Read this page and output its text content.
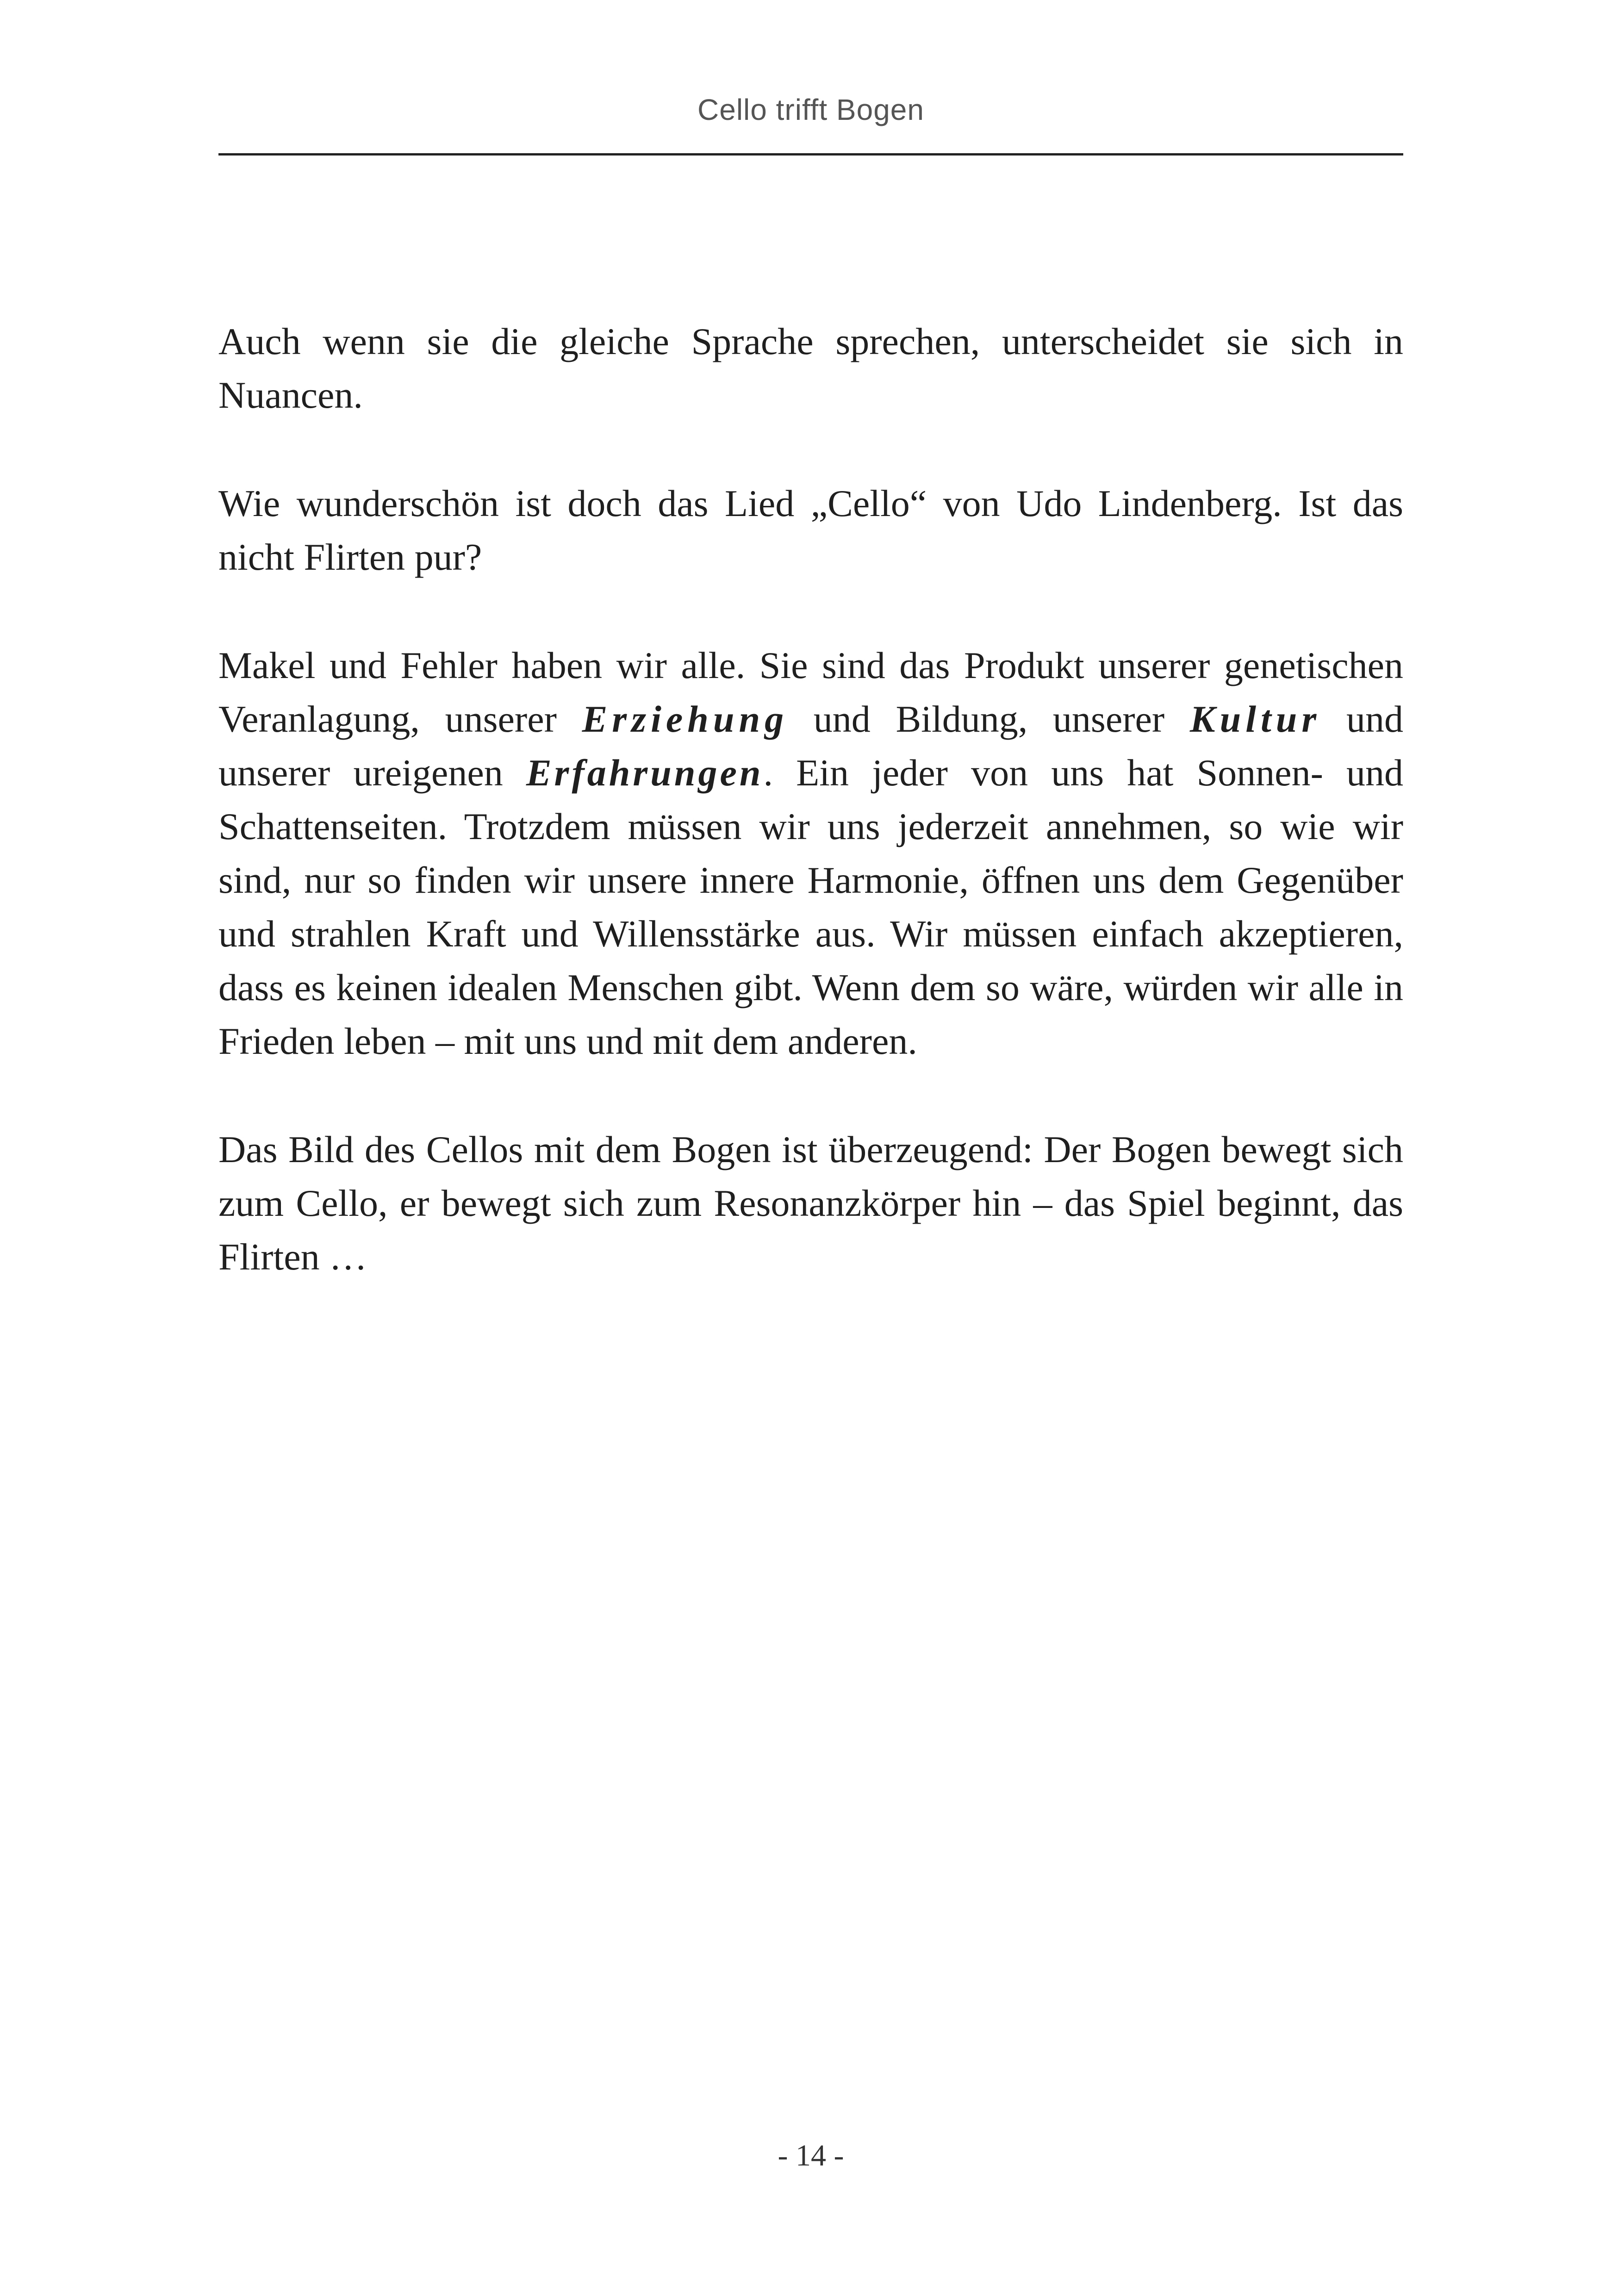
Cello trifft Bogen

Auch wenn sie die gleiche Sprache sprechen, unterscheidet sie sich in Nuancen.

Wie wunderschön ist doch das Lied „Cello“ von Udo Lindenberg. Ist das nicht Flirten pur?

Makel und Fehler haben wir alle. Sie sind das Produkt unserer genetischen Veranlagung, unserer Erziehung und Bildung, unserer Kultur und unserer ureigenen Erfahrungen. Ein jeder von uns hat Sonnen- und Schattenseiten. Trotzdem müssen wir uns jederzeit annehmen, so wie wir sind, nur so finden wir unsere innere Harmonie, öffnen uns dem Gegenüber und strahlen Kraft und Willensstärke aus. Wir müssen einfach akzeptieren, dass es keinen idealen Menschen gibt. Wenn dem so wäre, würden wir alle in Frieden leben – mit uns und mit dem anderen.

Das Bild des Cellos mit dem Bogen ist überzeugend: Der Bogen bewegt sich zum Cello, er bewegt sich zum Resonanzkörper hin – das Spiel beginnt, das Flirten …

- 14 -
